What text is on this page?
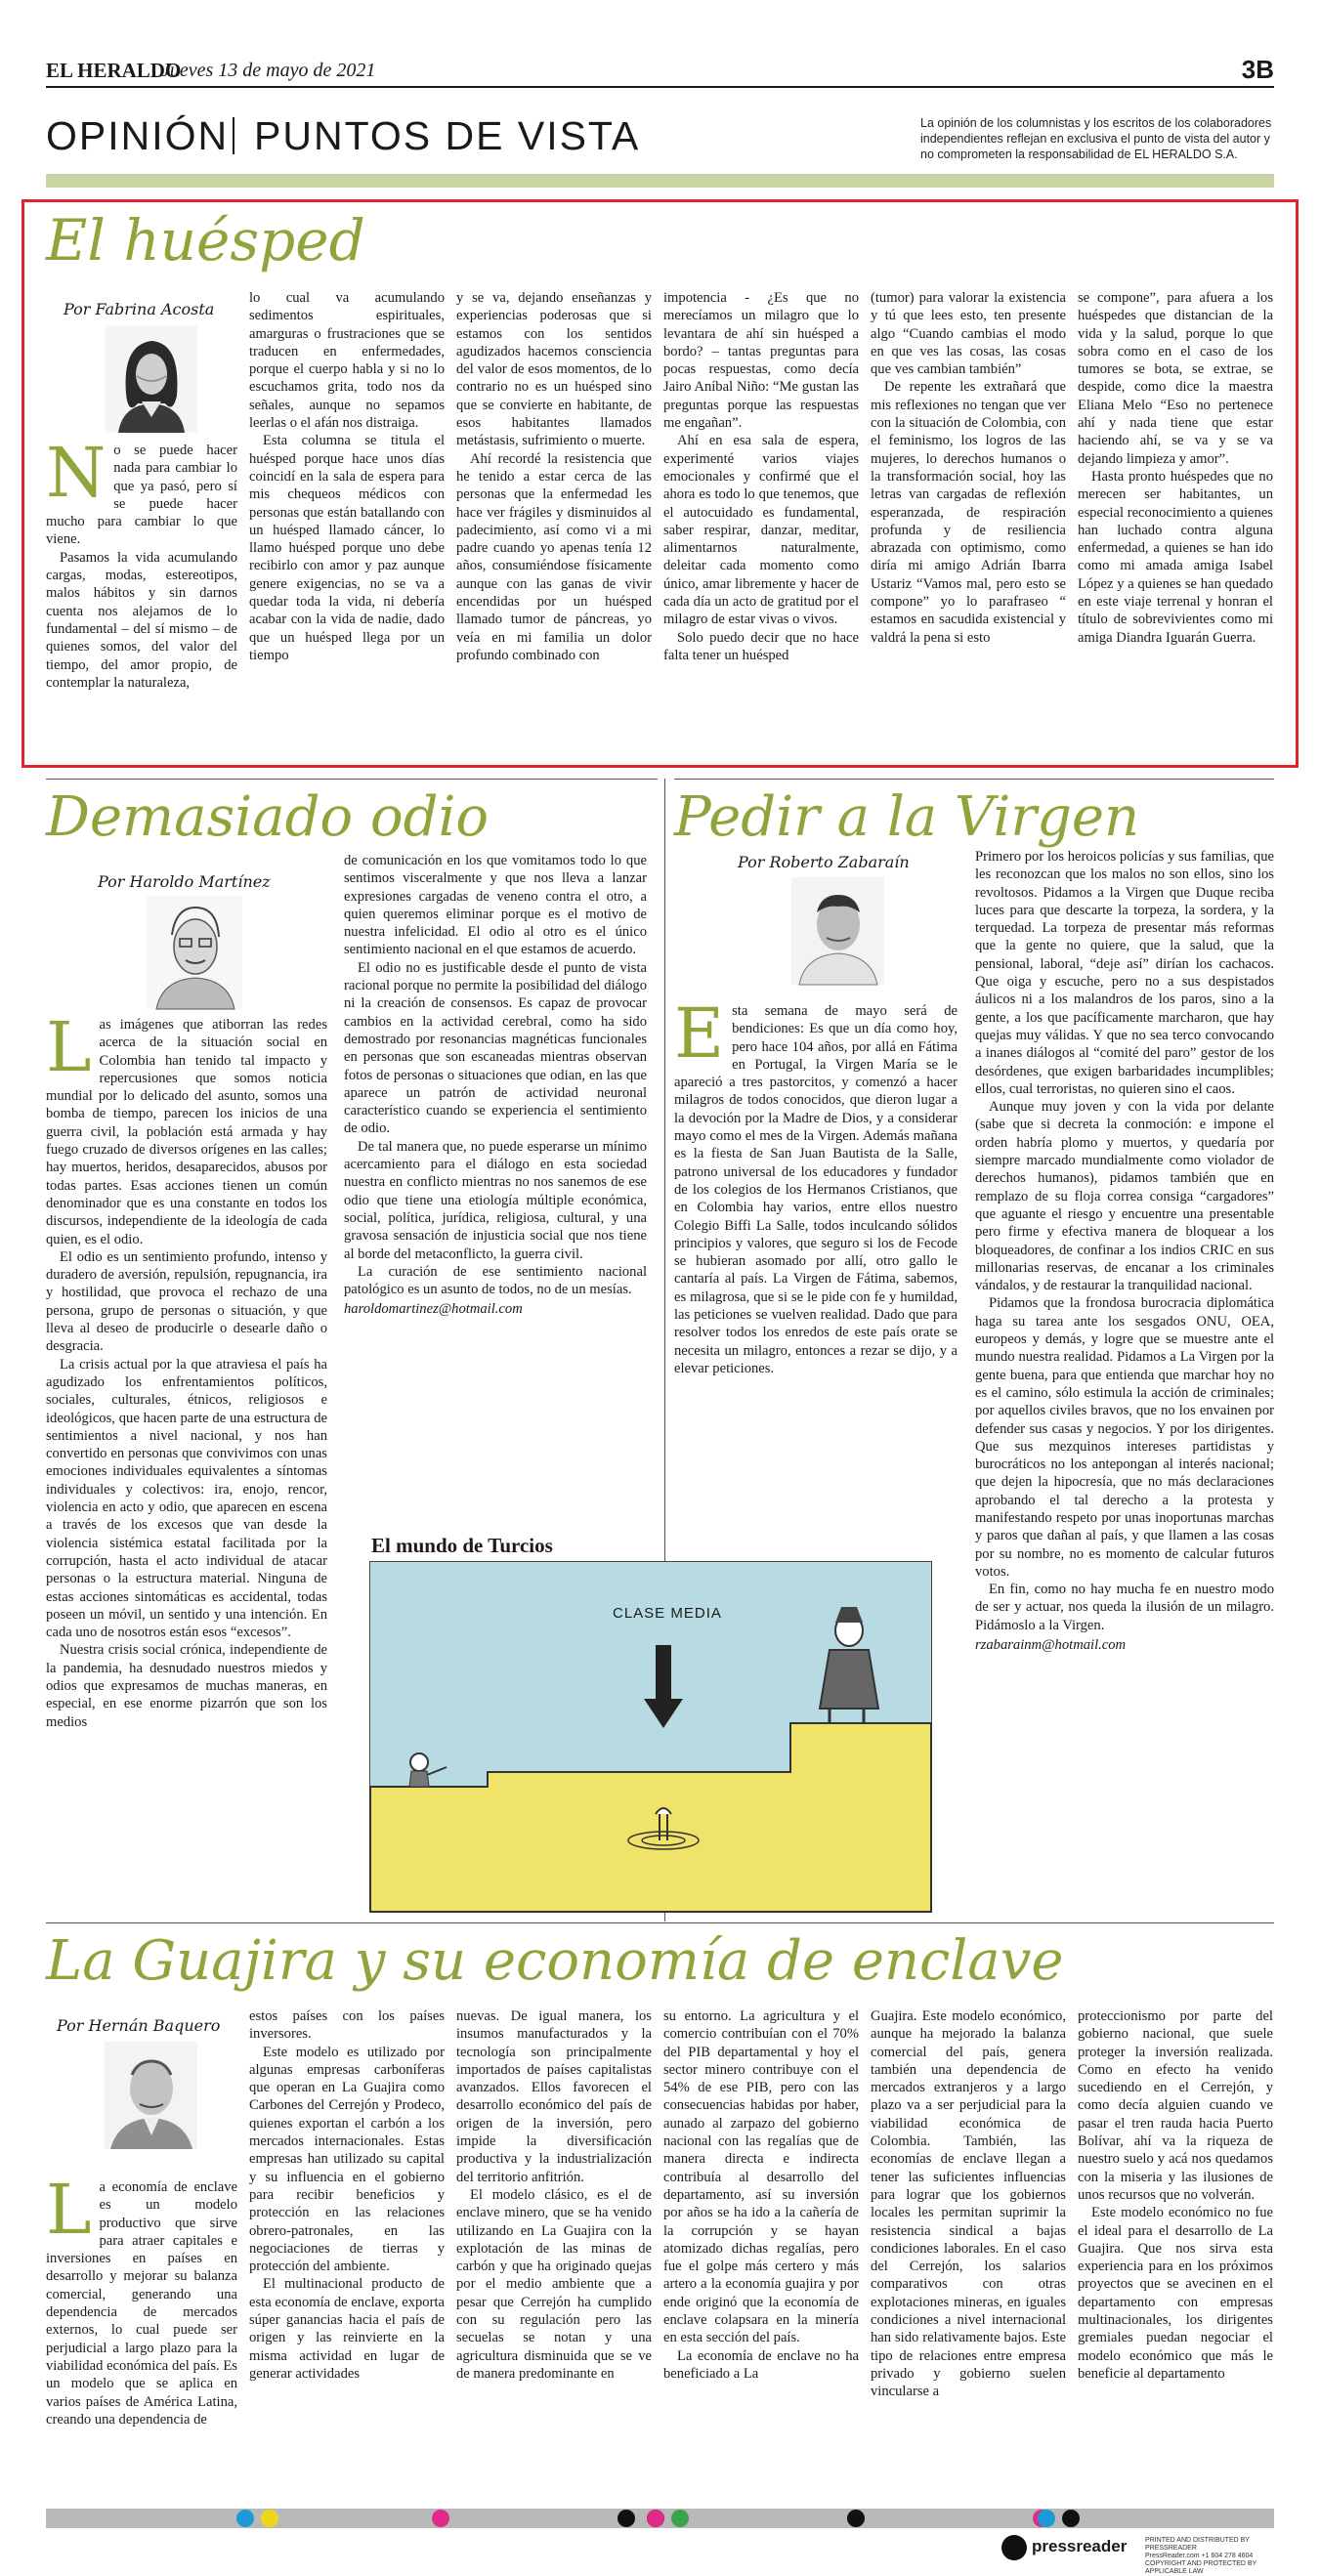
EL HERALDO
Jueves 13 de mayo de 2021	3B
OPINIÓN PUNTOS DE VISTA	La opinión de los columnistas y los escritos de los colaboradores independientes reflejan en exclusiva el punto de vista del autor y no comprometen la responsabilidad de EL HERALDO S.A.
El huésped
Por Fabrina Acosta

No se puede hacer nada para cambiar lo que ya pasó, pero sí se puede hacer mucho para cambiar lo que viene.

Pasamos la vida acumulando cargas, modas, estereotipos, malos hábitos y sin darnos cuenta nos alejamos de lo fundamental – del sí mismo – de quienes somos, del valor del tiempo, del amor propio, de contemplar la naturaleza,

lo cual va acumulando sedimentos espirituales, amarguras o frustraciones que se traducen en enfermedades, porque el cuerpo habla y si no lo escuchamos grita, todo nos da señales, aunque no sepamos leerlas o el afán nos distraiga.

Esta columna se titula el huésped porque hace unos días coincidí en la sala de espera para mis chequeos médicos con personas que están batallando con un huésped llamado cáncer, lo llamo huésped porque uno debe recibirlo con amor y paz aunque genere exigencias, no se va a quedar toda la vida, ni debería acabar con la vida de nadie, dado que un huésped llega por un tiempo

y se va, dejando enseñanzas y experiencias poderosas que si estamos con los sentidos agudizados hacemos consciencia del valor de esos momentos, de lo contrario no es un huésped sino que se convierte en habitante, de esos habitantes llamados metástasis, sufrimiento o muerte.

Ahí recordé la resistencia que he tenido a estar cerca de las personas que la enfermedad les hace ver frágiles y disminuidos al padecimiento, así como vi a mi padre cuando yo apenas tenía 12 años, consumiéndose físicamente aunque con las ganas de vivir encendidas por un huésped llamado tumor de páncreas, yo veía en mi familia un dolor profundo combinado con

impotencia - ¿Es que no merecíamos un milagro que lo levantara de ahí sin huésped a bordo? – tantas preguntas para pocas respuestas, como decía Jairo Aníbal Niño: “Me gustan las preguntas porque las respuestas me engañan”.

Ahí en esa sala de espera, experimenté varios viajes emocionales y confirmé que el ahora es todo lo que tenemos, que el autocuidado es fundamental, saber respirar, danzar, meditar, alimentarnos naturalmente, deleitar cada momento como único, amar libremente y hacer de cada día un acto de gratitud por el milagro de estar vivas o vivos.

Solo puedo decir que no hace falta tener un huésped

(tumor) para valorar la existencia y tú que lees esto, ten presente algo “Cuando cambias el modo en que ves las cosas, las cosas que ves cambian también”

De repente les extrañará que mis reflexiones no tengan que ver con la situación de Colombia, con el feminismo, los logros de las mujeres, lo derechos humanos o la transformación social, hoy las letras van cargadas de reflexión esperanzada, de respiración profunda y de resiliencia abrazada con optimismo, como diría mi amigo Adrián Ibarra Ustariz “Vamos mal, pero esto se compone” yo lo parafraseo “ estamos en sacudida existencial y valdrá la pena si esto

se compone”, para afuera a los huéspedes que distancian de la vida y la salud, porque lo que sobra como en el caso de los tumores se bota, se extrae, se despide, como dice la maestra Eliana Melo “Eso no pertenece ahí y nada tiene que estar haciendo ahí, se va y se va dejando limpieza y amor”.

Hasta pronto huéspedes que no merecen ser habitantes, un especial reconocimiento a quienes han luchado contra alguna enfermedad, a quienes se han ido como mi amada amiga Isabel López y a quienes se han quedado en este viaje terrenal y honran el título de sobrevivientes como mi amiga Diandra Iguarán Guerra.

Demasiado odio
Por Haroldo Martínez

Las imágenes que atiborran las redes acerca de la situación social en Colombia han tenido tal impacto y repercusiones que somos noticia mundial por lo delicado del asunto, somos una bomba de tiempo, parecen los inicios de una guerra civil, la población está armada y hay fuego cruzado de diversos orígenes en las calles; hay muertos, heridos, desaparecidos, abusos por todas partes. Esas acciones tienen un común denominador que es una constante en todos los discursos, independiente de la ideología de cada quien, es el odio.

El odio es un sentimiento profundo, intenso y duradero de aversión, repulsión, repugnancia, ira y hostilidad, que provoca el rechazo de una persona, grupo de personas o situación, y que lleva al deseo de producirle o desearle daño o desgracia.

La crisis actual por la que atraviesa el país ha agudizado los enfrentamientos políticos, sociales, culturales, étnicos, religiosos e ideológicos, que hacen parte de una estructura de sentimientos a nivel nacional, y nos han convertido en personas que convivimos con unas emociones individuales equivalentes a síntomas individuales y colectivos: ira, enojo, rencor, violencia en acto y odio, que aparecen en escena a través de los excesos que van desde la violencia sistémica estatal facilitada por la corrupción, hasta el acto individual de atacar personas o la estructura material. Ninguna de estas acciones sintomáticas es accidental, todas poseen un móvil, un sentido y una intención. En cada uno de nosotros están esos “excesos”.

Nuestra crisis social crónica, independiente de la pandemia, ha desnudado nuestros miedos y odios que expresamos de muchas maneras, en especial, en ese enorme pizarrón que son los medios

de comunicación en los que vomitamos todo lo que sentimos visceralmente y que nos lleva a lanzar expresiones cargadas de veneno contra el otro, a quien queremos eliminar porque es el motivo de nuestra infelicidad. El odio al otro es el único sentimiento nacional en el que estamos de acuerdo.

El odio no es justificable desde el punto de vista racional porque no permite la posibilidad del diálogo ni la creación de consensos. Es capaz de provocar cambios en la actividad cerebral, como ha sido demostrado por resonancias magnéticas funcionales en personas que son escaneadas mientras observan fotos de personas o situaciones que odian, en las que aparece un patrón de actividad neuronal característico cuando se experiencia el sentimiento de odio.

De tal manera que, no puede esperarse un mínimo acercamiento para el diálogo en esta sociedad nuestra en conflicto mientras no nos sanemos de ese odio que tiene una etiología múltiple económica, social, política, jurídica, religiosa, cultural, y una gravosa sensación de injusticia social que nos tiene al borde del metaconflicto, la guerra civil.

La curación de ese sentimiento nacional patológico es un asunto de todos, no de un mesías.

haroldomartinez@hotmail.com

El mundo de Turcios
CLASE MEDIA
Pedir a la Virgen
Por Roberto Zabaraín

Esta semana de mayo será de bendiciones: Es que un día como hoy, pero hace 104 años, por allá en Fátima en Portugal, la Virgen María se le apareció a tres pastorcitos, y comenzó a hacer milagros de todos conocidos, que dieron lugar a la devoción por la Madre de Dios, y a considerar mayo como el mes de la Virgen. Además mañana es la fiesta de San Juan Bautista de la Salle, patrono universal de los educadores y fundador de los colegios de los Hermanos Cristianos, que en Colombia hay varios, entre ellos nuestro Colegio Biffi La Salle, todos inculcando sólidos principios y valores, que seguro si los de Fecode se hubieran asomado por allí, otro gallo le cantaría al país. La Virgen de Fátima, sabemos, es milagrosa, que si se le pide con fe y humildad, las peticiones se vuelven realidad. Dado que para resolver todos los enredos de este país orate se necesita un milagro, entonces a rezar se dijo, y a elevar peticiones.

Primero por los heroicos policías y sus familias, que les reconozcan que los malos no son ellos, sino los revoltosos. Pidamos a la Virgen que Duque reciba luces para que descarte la torpeza, la sordera, y la terquedad. La torpeza de presentar más reformas que la gente no quiere, que la salud, que la pensional, laboral, “deje así” dirían los cachacos. Que oiga y escuche, pero no a sus despistados áulicos ni a los malandros de los paros, sino a la gente, a los que pacíficamente marcharon, que hay quejas muy válidas. Y que no sea terco convocando a inanes diálogos al “comité del paro” gestor de los desórdenes, que exigen barbaridades incumplibles; ellos, cual terroristas, no quieren sino el caos.

Aunque muy joven y con la vida por delante (sabe que si decreta la conmoción: e impone el orden habría plomo y muertos, y quedaría por siempre marcado mundialmente como violador de derechos humanos), pidamos también que en remplazo de su floja correa consiga “cargadores” que aguante el riesgo y encuentre una presentable pero firme y efectiva manera de bloquear a los bloqueadores, de confinar a los indios CRIC en sus millonarias reservas, de encanar a los criminales vándalos, y de restaurar la tranquilidad nacional.

Pidamos que la frondosa burocracia diplomática haga su tarea ante los sesgados ONU, OEA, europeos y demás, y logre que se muestre ante el mundo nuestra realidad. Pidamos a La Virgen por la gente buena, para que entienda que marchar hoy no es el camino, sólo estimula la acción de criminales; por aquellos civiles bravos, que no los envainen por defender sus casas y negocios. Y por los dirigentes. Que sus mezquinos intereses partidistas y burocráticos no los antepongan al interés nacional; que dejen la hipocresía, que no más declaraciones aprobando el tal derecho a la protesta y manifestando respeto por unas inoportunas marchas y paros que dañan al país, y que llamen a las cosas por su nombre, no es momento de calcular futuros votos.

En fin, como no hay mucha fe en nuestro modo de ser y actuar, nos queda la ilusión de un milagro. Pidámoslo a la Virgen.

rzabarainm@hotmail.com

La Guajira y su economía de enclave
Por Hernán Baquero

La economía de enclave es un modelo productivo que sirve para atraer capitales e inversiones en países en desarrollo y mejorar su balanza comercial, generando una dependencia de mercados externos, lo cual puede ser perjudicial a largo plazo para la viabilidad económica del país. Es un modelo que se aplica en varios países de América Latina, creando una dependencia de

estos países con los países inversores.

Este modelo es utilizado por algunas empresas carboníferas que operan en La Guajira como Carbones del Cerrejón y Prodeco, quienes exportan el carbón a los mercados internacionales. Estas empresas han utilizado su capital y su influencia en el gobierno para recibir beneficios y protección en las relaciones obrero-patronales, en las negociaciones de tierras y protección del ambiente.

El multinacional producto de esta economía de enclave, exporta súper ganancias hacia el país de origen y las reinvierte en la misma actividad en lugar de generar actividades

nuevas. De igual manera, los insumos manufacturados y la tecnología son principalmente importados de países capitalistas avanzados. Ellos favorecen el desarrollo económico del país de origen de la inversión, pero impide la diversificación productiva y la industrialización del territorio anfitrión.

El modelo clásico, es el de enclave minero, que se ha venido utilizando en La Guajira con la explotación de las minas de carbón y que ha originado quejas por el medio ambiente que a pesar que Cerrejón ha cumplido con su regulación pero las secuelas se notan y una agricultura disminuida que se ve de manera predominante en

su entorno. La agricultura y el comercio contribuían con el 70% del PIB departamental y hoy el sector minero contribuye con el 54% de ese PIB, pero con las consecuencias habidas por haber, aunado al zarpazo del gobierno nacional con las regalías que de manera directa e indirecta contribuía al desarrollo del departamento, así su inversión por años se ha ido a la cañería de la corrupción y se hayan atomizado dichas regalías, pero fue el golpe más certero y más artero a la economía guajira y por ende originó que la economía de enclave colapsara en la minería en esta sección del país.

La economía de enclave no ha beneficiado a La

Guajira. Este modelo económico, aunque ha mejorado la balanza comercial del país, genera también una dependencia de mercados extranjeros y a largo plazo va a ser perjudicial para la viabilidad económica de Colombia. También, las economías de enclave llegan a tener las suficientes influencias para lograr que los gobiernos locales les permitan suprimir la resistencia sindical a bajas condiciones laborales. En el caso del Cerrejón, los salarios comparativos con otras explotaciones mineras, en iguales condiciones a nivel internacional han sido relativamente bajos. Este tipo de relaciones entre empresa privado y gobierno suelen vincularse a

proteccionismo por parte del gobierno nacional, que suele proteger la inversión realizada. Como en efecto ha venido sucediendo en el Cerrejón, y como decía alguien cuando ve pasar el tren rauda hacia Puerto Bolívar, ahí va la riqueza de nuestro suelo y acá nos quedamos con la miseria y las ilusiones de unos recursos que no volverán.

Este modelo económico no fue el ideal para el desarrollo de La Guajira. Que nos sirva esta experiencia para en los próximos proyectos que se avecinen en el departamento con empresas multinacionales, los dirigentes gremiales puedan negociar el modelo económico que más le beneficie al departamento

pressreader	PRINTED AND DISTRIBUTED BY PRESSREADER
PressReader.com +1 604 278 4604
COPYRIGHT AND PROTECTED BY APPLICABLE LAW
